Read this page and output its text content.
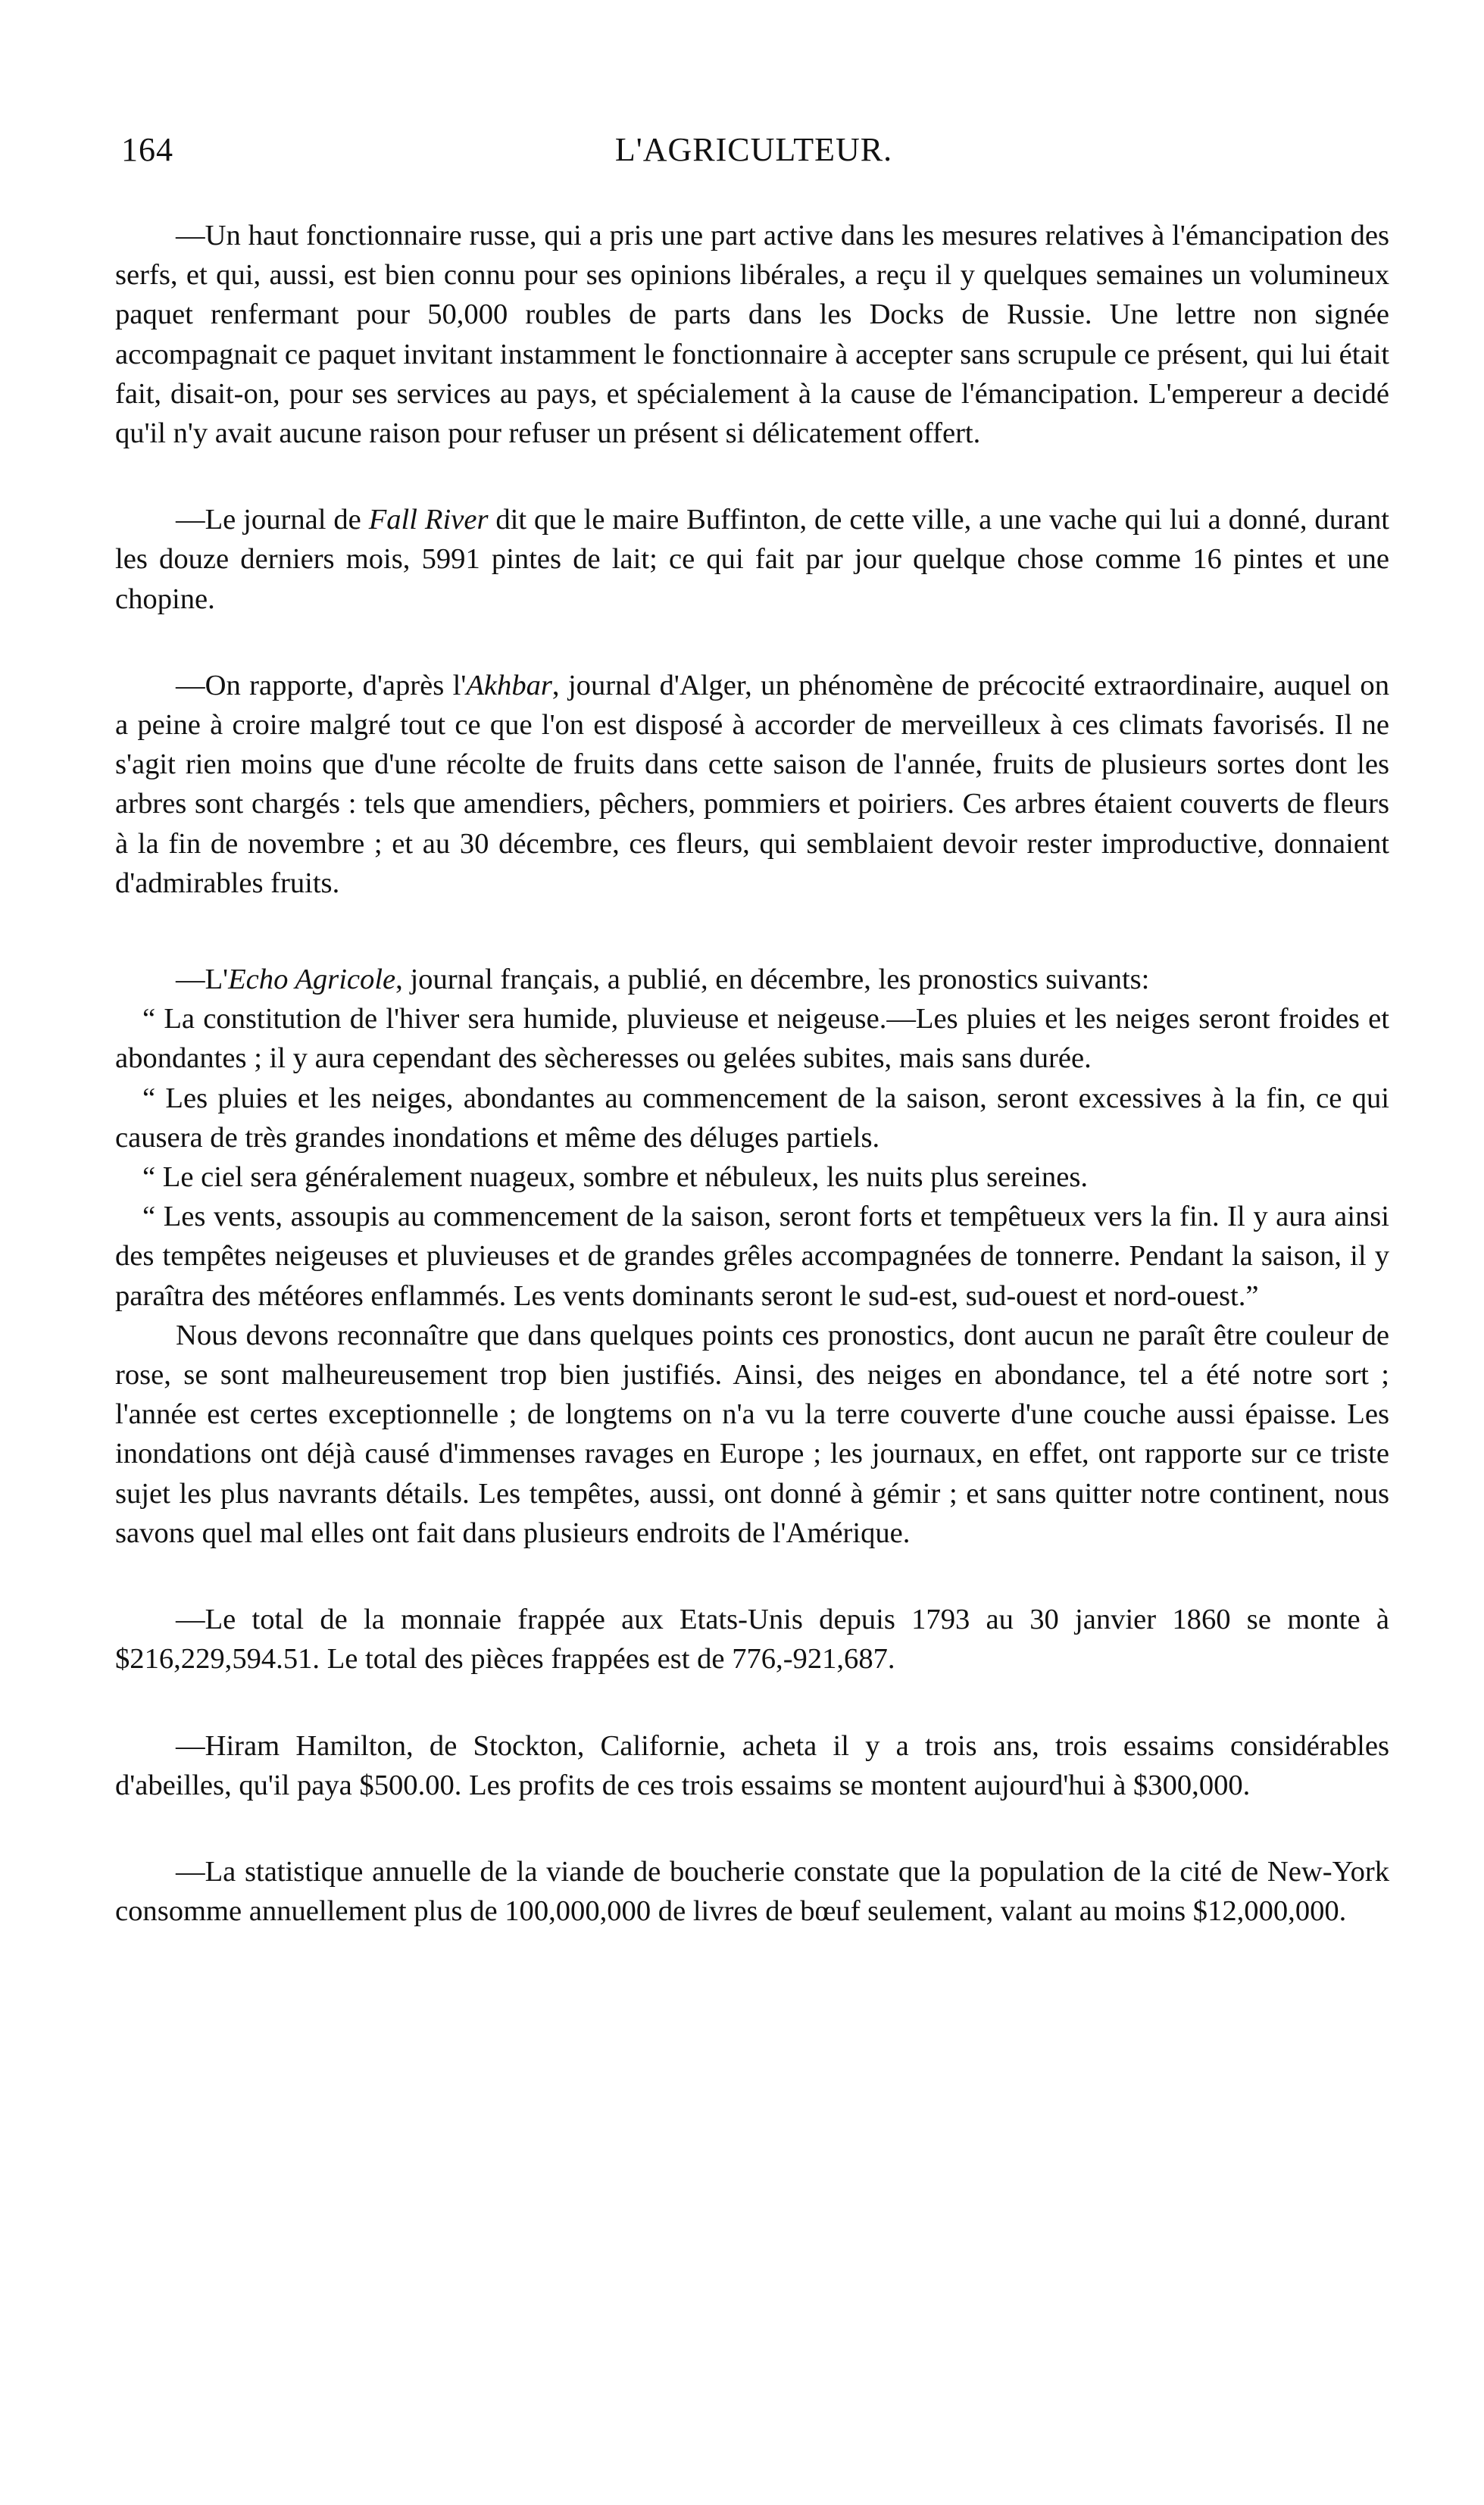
164	L'AGRICULTEUR.

—Un haut fonctionnaire russe, qui a pris une part active dans les mesures relatives à l'émancipation des serfs, et qui, aussi, est bien connu pour ses opinions libérales, a reçu il y quelques semaines un volumineux paquet renfermant pour 50,000 roubles de parts dans les Docks de Russie. Une lettre non signée accompagnait ce paquet invitant instamment le fonctionnaire à accepter sans scrupule ce présent, qui lui était fait, disait-on, pour ses services au pays, et spécialement à la cause de l'émancipation. L'empereur a decidé qu'il n'y avait aucune raison pour refuser un présent si délicatement offert.

—Le journal de Fall River dit que le maire Buffinton, de cette ville, a une vache qui lui a donné, durant les douze derniers mois, 5991 pintes de lait; ce qui fait par jour quelque chose comme 16 pintes et une chopine.

—On rapporte, d'après l'Akhbar, journal d'Alger, un phénomène de précocité extraordinaire, auquel on a peine à croire malgré tout ce que l'on est disposé à accorder de merveilleux à ces climats favorisés. Il ne s'agit rien moins que d'une récolte de fruits dans cette saison de l'année, fruits de plusieurs sortes dont les arbres sont chargés : tels que amendiers, pêchers, pommiers et poiriers. Ces arbres étaient couverts de fleurs à la fin de novembre ; et au 30 décembre, ces fleurs, qui semblaient devoir rester improductive, donnaient d'admirables fruits.

—L'Echo Agricole, journal français, a publié, en décembre, les pronostics suivants:

“ La constitution de l'hiver sera humide, pluvieuse et neigeuse.—Les pluies et les neiges seront froides et abondantes ; il y aura cependant des sècheresses ou gelées subites, mais sans durée.

“ Les pluies et les neiges, abondantes au commencement de la saison, seront excessives à la fin, ce qui causera de très grandes inondations et même des déluges partiels.

“ Le ciel sera généralement nuageux, sombre et nébuleux, les nuits plus sereines.

“ Les vents, assoupis au commencement de la saison, seront forts et tempêtueux vers la fin. Il y aura ainsi des tempêtes neigeuses et pluvieuses et de grandes grêles accompagnées de tonnerre. Pendant la saison, il y paraîtra des météores enflammés. Les vents dominants seront le sud-est, sud-ouest et nord-ouest.”

Nous devons reconnaître que dans quelques points ces pronostics, dont aucun ne paraît être couleur de rose, se sont malheureusement trop bien justifiés. Ainsi, des neiges en abondance, tel a été notre sort ; l'année est certes exceptionnelle ; de longtems on n'a vu la terre couverte d'une couche aussi épaisse. Les inondations ont déjà causé d'immenses ravages en Europe ; les journaux, en effet, ont rapporte sur ce triste sujet les plus navrants détails. Les tempêtes, aussi, ont donné à gémir ; et sans quitter notre continent, nous savons quel mal elles ont fait dans plusieurs endroits de l'Amérique.

—Le total de la monnaie frappée aux Etats-Unis depuis 1793 au 30 janvier 1860 se monte à $216,229,594.51. Le total des pièces frappées est de 776,-921,687.

—Hiram Hamilton, de Stockton, Californie, acheta il y a trois ans, trois essaims considérables d'abeilles, qu'il paya $500.00. Les profits de ces trois essaims se montent aujourd'hui à $300,000.

—La statistique annuelle de la viande de boucherie constate que la population de la cité de New-York consomme annuellement plus de 100,000,000 de livres de bœuf seulement, valant au moins $12,000,000.
